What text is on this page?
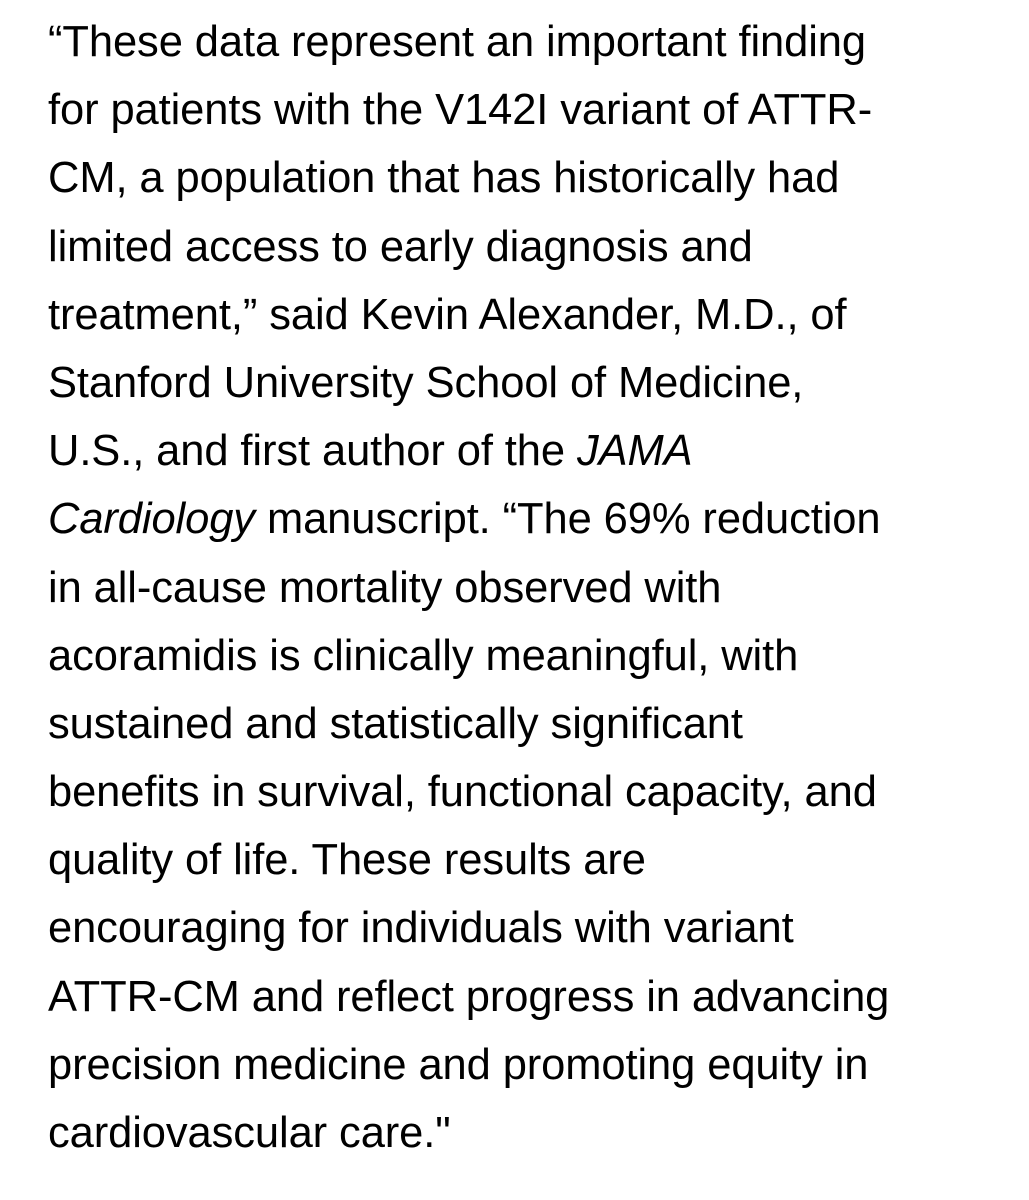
“These data represent an important finding
for patients with the V142I variant of ATTR-
CM, a population that has historically had
limited access to early diagnosis and
treatment,” said Kevin Alexander, M.D., of
Stanford University School of Medicine,
U.S., and first author of the JAMA
Cardiology manuscript. “The 69% reduction
in all-cause mortality observed with
acoramidis is clinically meaningful, with
sustained and statistically significant
benefits in survival, functional capacity, and
quality of life. These results are
encouraging for individuals with variant
ATTR-CM and reflect progress in advancing
precision medicine and promoting equity in
cardiovascular care."
